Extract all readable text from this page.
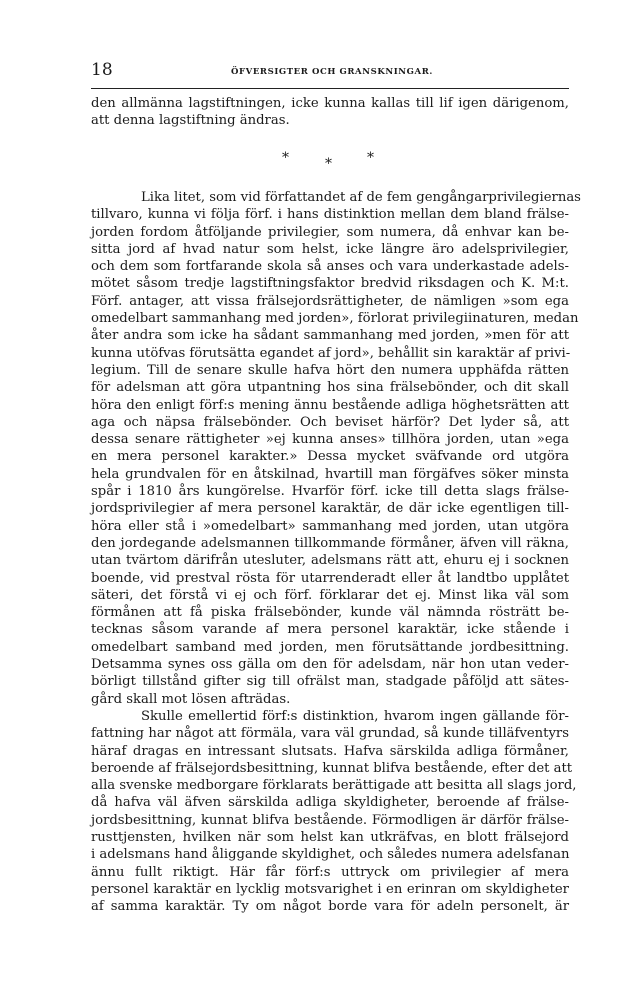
18	ÖFVERSIGTER OCH GRANSKNINGAR.
den allmänna lagstiftningen, icke kunna kallas till lif igen därigenom,
att denna lagstiftning ändras.
*	*	*
Lika litet, som vid författandet af de fem gengångarprivilegiernas
tillvaro, kunna vi följa förf. i hans distinktion mellan dem bland frälse-
jorden fordom åtföljande privilegier, som numera, då enhvar kan be-
sitta jord af hvad natur som helst, icke längre äro adelsprivilegier,
och dem som fortfarande skola så anses och vara underkastade adels-
mötet såsom tredje lagstiftningsfaktor bredvid riksdagen och K. M:t.
Förf. antager, att vissa frälsejordsrättigheter, de nämligen »som ega
omedelbart sammanhang med jorden», förlorat privilegiinaturen, medan
åter andra som icke ha sådant sammanhang med jorden, »men för att
kunna utöfvas förutsätta egandet af jord», behållit sin karaktär af privi-
legium. Till de senare skulle hafva hört den numera upphäfda rätten
för adelsman att göra utpantning hos sina frälsebönder, och dit skall
höra den enligt förf:s mening ännu bestående adliga höghetsrätten att
aga och näpsa frälsebönder. Och beviset härför? Det lyder så, att
dessa senare rättigheter »ej kunna anses» tillhöra jorden, utan »ega
en mera personel karakter.» Dessa mycket sväfvande ord utgöra
hela grundvalen för en åtskilnad, hvartill man förgäfves söker minsta
spår i 1810 års kungörelse. Hvarför förf. icke till detta slags frälse-
jordsprivilegier af mera personel karaktär, de där icke egentligen till-
höra eller stå i »omedelbart» sammanhang med jorden, utan utgöra
den jordegande adelsmannen tillkommande förmåner, äfven vill räkna,
utan tvärtom därifrån utesluter, adelsmans rätt att, ehuru ej i socknen
boende, vid prestval rösta för utarrenderadt eller åt landtbo upplåtet
säteri, det förstå vi ej och förf. förklarar det ej. Minst lika väl som
förmånen att få piska frälsebönder, kunde väl nämnda rösträtt be-
tecknas såsom varande af mera personel karaktär, icke stående i
omedelbart samband med jorden, men förutsättande jordbesittning.
Detsamma synes oss gälla om den för adelsdam, när hon utan veder-
börligt tillstånd gifter sig till ofrälst man, stadgade påföljd att sätes-
gård skall mot lösen afträdas.
Skulle emellertid förf:s distinktion, hvarom ingen gällande för-
fattning har något att förmäla, vara väl grundad, så kunde tilläfventyrs
häraf dragas en intressant slutsats. Hafva särskilda adliga förmåner,
beroende af frälsejordsbesittning, kunnat blifva bestående, efter det att
alla svenske medborgare förklarats berättigade att besitta all slags jord,
då hafva väl äfven särskilda adliga skyldigheter, beroende af frälse-
jordsbesittning, kunnat blifva bestående. Förmodligen är därför frälse-
rusttjensten, hvilken när som helst kan utkräfvas, en blott frälsejord
i adelsmans hand åliggande skyldighet, och således numera adelsfanan
ännu fullt riktigt. Här får förf:s uttryck om privilegier af mera
personel karaktär en lycklig motsvarighet i en erinran om skyldigheter
af samma karaktär. Ty om något borde vara för adeln personelt, är
